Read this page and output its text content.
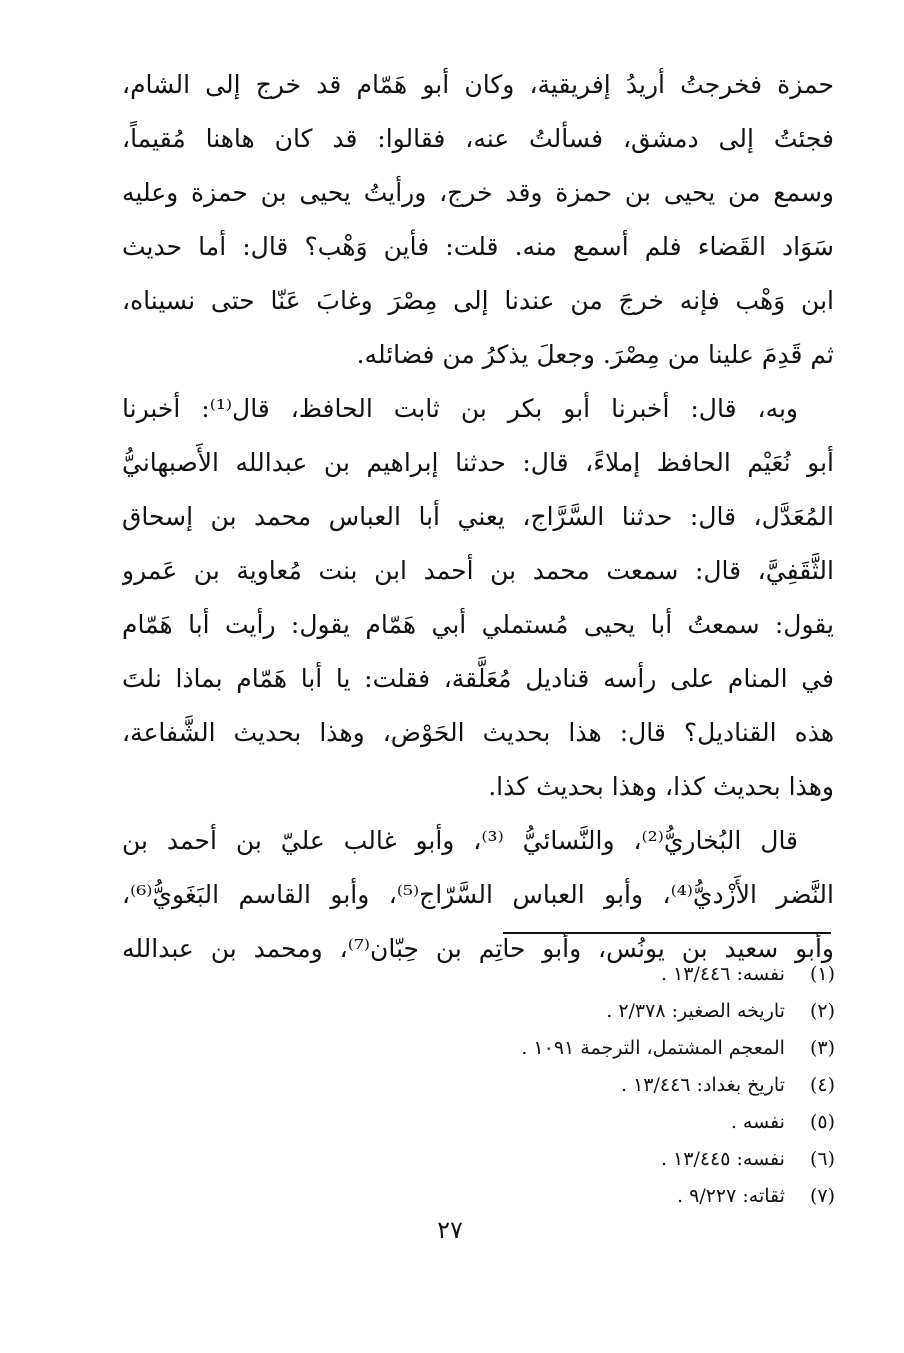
حمزة فخرجتُ أريدُ إفريقية، وكان أبو هَمّام قد خرج إلى الشام،
فجئتُ إلى دمشق، فسألتُ عنه، فقالوا: قد كان هاهنا مُقيماً،
وسمع من يحيى بن حمزة وقد خرج، ورأيتُ يحيى بن حمزة وعليه
سَوَاد القَضاء فلم أسمع منه. قلت: فأين وَهْب؟ قال: أما حديث
ابن وَهْب فإنه خرجَ من عندنا إلى مِصْرَ وغابَ عَنّا حتى نسيناه،
ثم قَدِمَ علينا من مِصْرَ. وجعلَ يذكرُ من فضائله.
وبه، قال: أخبرنا أبو بكر بن ثابت الحافظ، قال⁽¹⁾: أخبرنا
أبو نُعَيْم الحافظ إملاءً، قال: حدثنا إبراهيم بن عبدالله الأَصبهانيُّ
المُعَدَّل، قال: حدثنا السَّرَّاج، يعني أبا العباس محمد بن إسحاق
الثَّقَفِيَّ، قال: سمعت محمد بن أحمد ابن بنت مُعاوية بن عَمرو
يقول: سمعتُ أبا يحيى مُستملي أبي هَمّام يقول: رأيت أبا هَمّام
في المنام على رأسه قناديل مُعَلَّقة، فقلت: يا أبا هَمّام بماذا نلتَ
هذه القناديل؟ قال: هذا بحديث الحَوْض، وهذا بحديث الشَّفاعة،
وهذا بحديث كذا، وهذا بحديث كذا.
قال البُخاريُّ⁽²⁾، والنَّسائيُّ ⁽³⁾، وأبو غالب عليّ بن أحمد بن
النَّضر الأَزْديُّ⁽⁴⁾، وأبو العباس السَّرّاج⁽⁵⁾، وأبو القاسم البَغَويُّ⁽⁶⁾،
وأبو سعيد بن يونُس، وأبو حاتِم بن حِبّان⁽⁷⁾، ومحمد بن عبدالله
(١) نفسه: ١٣/٤٤٦ .
(٢) تاريخه الصغير: ٢/٣٧٨ .
(٣) المعجم المشتمل، الترجمة ١٠٩١ .
(٤) تاريخ بغداد: ١٣/٤٤٦ .
(٥) نفسه .
(٦) نفسه: ١٣/٤٤٥ .
(٧) ثقاته: ٩/٢٢٧ .
٢٧
